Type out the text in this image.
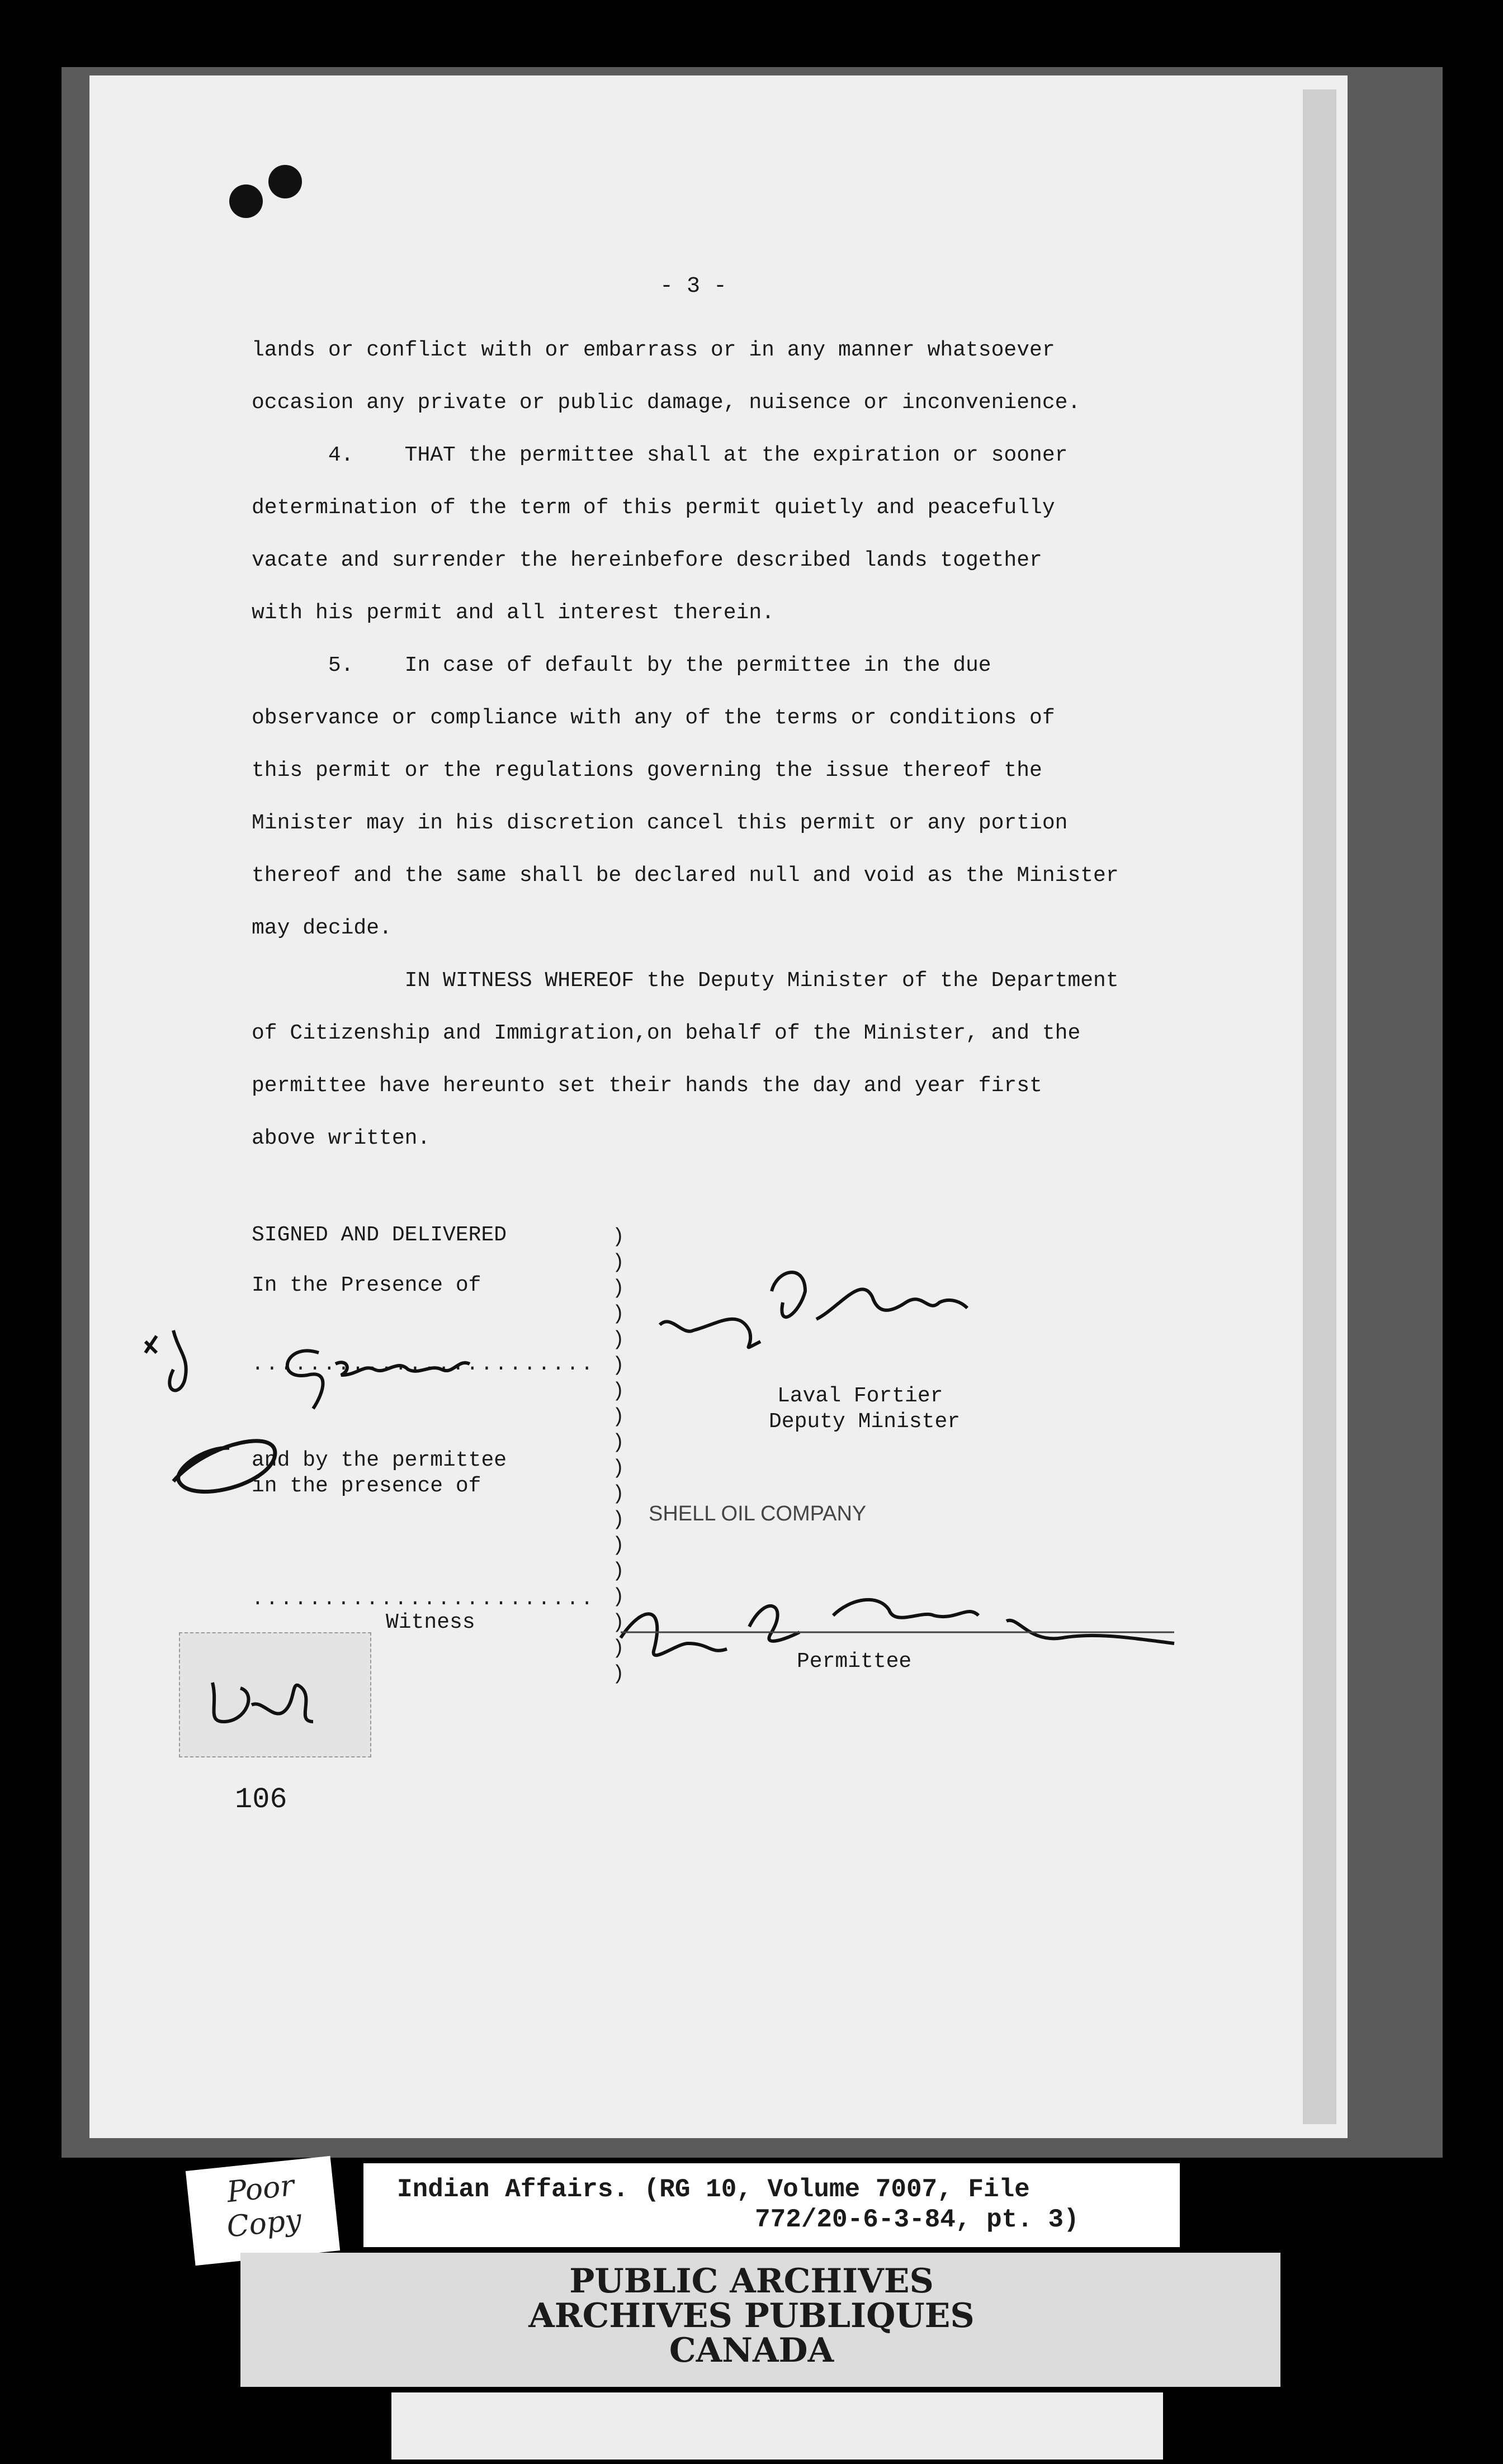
- 3 -

lands or conflict with or embarrass or in any manner whatsoever

occasion any private or public damage, nuisence or inconvenience.

4.    THAT the permittee shall at the expiration or sooner

determination of the term of this permit quietly and peacefully

vacate and surrender the hereinbefore described lands together

with his permit and all interest therein.

5.    In case of default by the permittee in the due

observance or compliance with any of the terms or conditions of

this permit or the regulations governing the issue thereof the

Minister may in his discretion cancel this permit or any portion

thereof and the same shall be declared null and void as the Minister

may decide.

IN WITNESS WHEREOF the Deputy Minister of the Department

of Citizenship and Immigration,on behalf of the Minister, and the

permittee have hereunto set their hands the day and year first

above written.

SIGNED AND DELIVERED
In the Presence of
........................
and by the permittee
in the presence of
........................
Witness
)
)
)
)
)
)
)
)
)
)
)
)
)
)
)
)
)
)
Laval Fortier
Deputy Minister
SHELL OIL COMPANY
Permittee
106
Poor Copy
Indian Affairs. (RG 10, Volume 7007, File
772/20-6-3-84, pt. 3)
PUBLIC ARCHIVES
ARCHIVES PUBLIQUES
CANADA
